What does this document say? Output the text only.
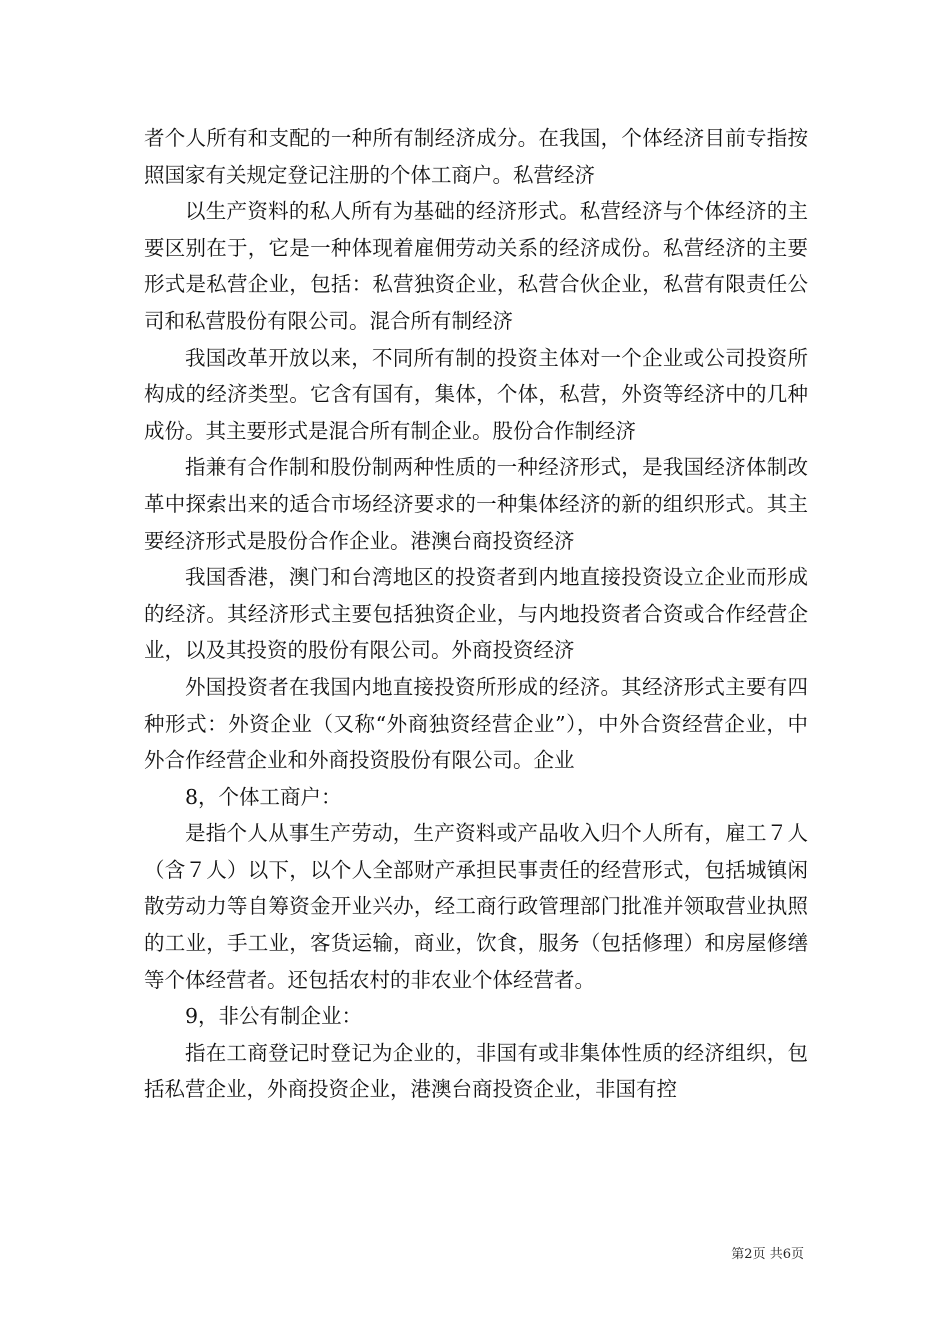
者个人所有和支配的一种所有制经济成分。在我国，个体经济目前专指按照国家有关规定登记注册的个体工商户。私营经济

以生产资料的私人所有为基础的经济形式。私营经济与个体经济的主要区别在于，它是一种体现着雇佣劳动关系的经济成份。私营经济的主要形式是私营企业，包括：私营独资企业，私营合伙企业，私营有限责任公司和私营股份有限公司。混合所有制经济

我国改革开放以来，不同所有制的投资主体对一个企业或公司投资所构成的经济类型。它含有国有，集体，个体，私营，外资等经济中的几种成份。其主要形式是混合所有制企业。股份合作制经济

指兼有合作制和股份制两种性质的一种经济形式，是我国经济体制改革中探索出来的适合市场经济要求的一种集体经济的新的组织形式。其主要经济形式是股份合作企业。港澳台商投资经济

我国香港，澳门和台湾地区的投资者到内地直接投资设立企业而形成的经济。其经济形式主要包括独资企业，与内地投资者合资或合作经营企业，以及其投资的股份有限公司。外商投资经济

外国投资者在我国内地直接投资所形成的经济。其经济形式主要有四种形式：外资企业（又称“外商独资经营企业”），中外合资经营企业，中外合作经营企业和外商投资股份有限公司。企业

8，个体工商户：

是指个人从事生产劳动，生产资料或产品收入归个人所有，雇工７人（含７人）以下，以个人全部财产承担民事责任的经营形式，包括城镇闲散劳动力等自筹资金开业兴办，经工商行政管理部门批准并领取营业执照的工业，手工业，客货运输，商业，饮食，服务（包括修理）和房屋修缮等个体经营者。还包括农村的非农业个体经营者。

9，非公有制企业：

指在工商登记时登记为企业的，非国有或非集体性质的经济组织，包括私营企业，外商投资企业，港澳台商投资企业，非国有控

第2页 共6页
